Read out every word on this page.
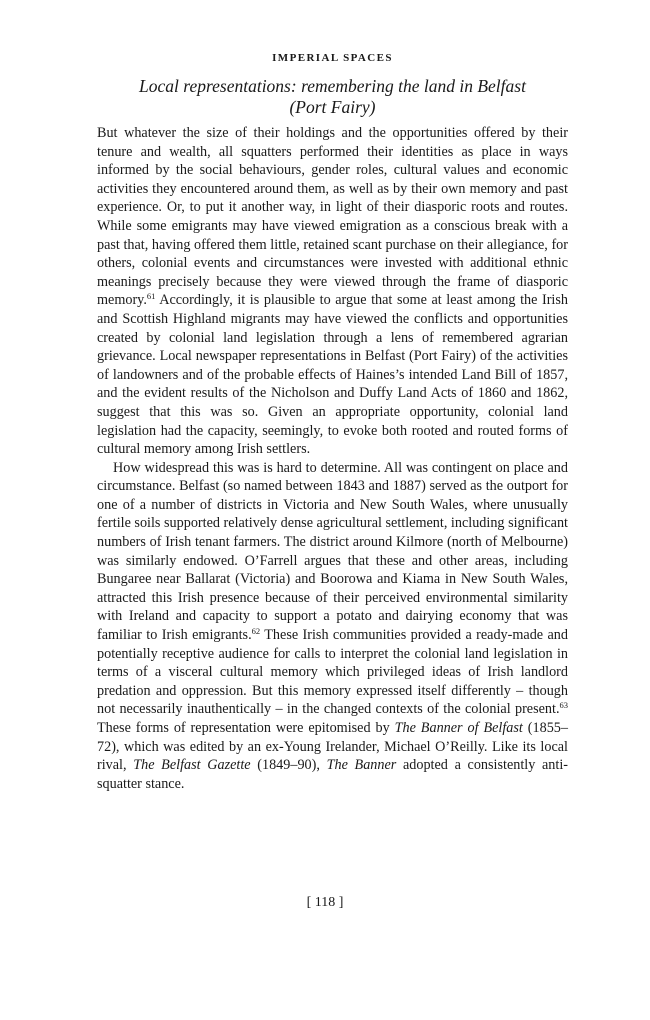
IMPERIAL SPACES
Local representations: remembering the land in Belfast
(Port Fairy)

But whatever the size of their holdings and the opportunities offered by their tenure and wealth, all squatters performed their identities as place in ways informed by the social behaviours, gender roles, cultural values and economic activities they encountered around them, as well as by their own memory and past experience. Or, to put it another way, in light of their diasporic roots and routes. While some emigrants may have viewed emigration as a conscious break with a past that, having offered them little, retained scant purchase on their allegiance, for others, colonial events and circumstances were invested with additional ethnic meanings precisely because they were viewed through the frame of diasporic memory.$^{61}$ Accordingly, it is plausible to argue that some at least among the Irish and Scottish Highland migrants may have viewed the conflicts and opportunities created by colonial land legislation through a lens of remembered agrarian grievance. Local newspaper representations in Belfast (Port Fairy) of the activities of landowners and of the probable effects of Haines’s intended Land Bill of 1857, and the evident results of the Nicholson and Duffy Land Acts of 1860 and 1862, suggest that this was so. Given an appropriate opportunity, colonial land legislation had the capacity, seemingly, to evoke both rooted and routed forms of cultural memory among Irish settlers.

How widespread this was is hard to determine. All was contingent on place and circumstance. Belfast (so named between 1843 and 1887) served as the outport for one of a number of districts in Victoria and New South Wales, where unusually fertile soils supported relatively dense agricultural settlement, including significant numbers of Irish tenant farmers. The district around Kilmore (north of Melbourne) was similarly endowed. O’Farrell argues that these and other areas, including Bungaree near Ballarat (Victoria) and Boorowa and Kiama in New South Wales, attracted this Irish presence because of their perceived environmental similarity with Ireland and capacity to support a potato and dairying economy that was familiar to Irish emigrants.$^{62}$ These Irish communities provided a ready-made and potentially receptive audience for calls to interpret the colonial land legislation in terms of a visceral cultural memory which privileged ideas of Irish landlord predation and oppression. But this memory expressed itself differently – though not necessarily inauthentically – in the changed contexts of the colonial present.$^{63}$ These forms of representation were epitomised by The Banner of Belfast (1855–72), which was edited by an ex-Young Irelander, Michael O’Reilly. Like its local rival, The Belfast Gazette (1849–90), The Banner adopted a consistently anti-squatter stance.

[ 118 ]
